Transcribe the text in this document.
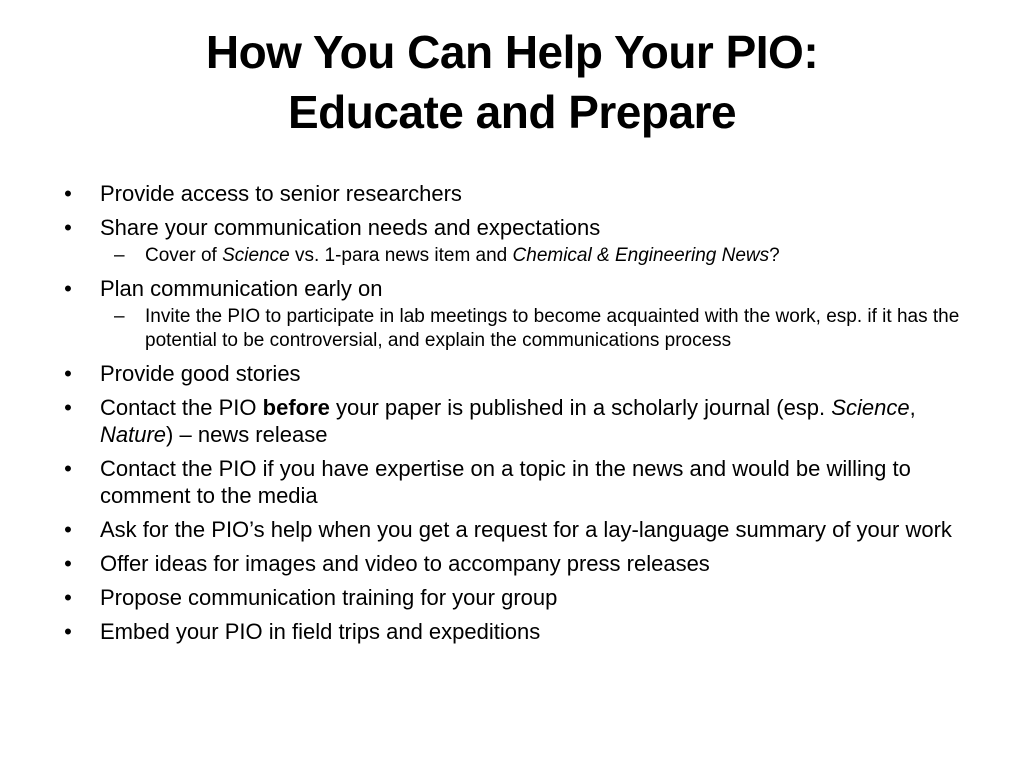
How You Can Help Your PIO:
Educate and Prepare
• Provide access to senior researchers
• Share your communication needs and expectations
– Cover of Science vs. 1-para news item and Chemical & Engineering News?
• Plan communication early on
– Invite the PIO to participate in lab meetings to become acquainted with the work, esp. if it has the potential to be controversial, and explain the communications process
• Provide good stories
• Contact the PIO before your paper is published in a scholarly journal (esp. Science, Nature) – news release
• Contact the PIO if you have expertise on a topic in the news and would be willing to comment to the media
• Ask for the PIO’s help when you get a request for a lay-language summary of your work
• Offer ideas for images and video to accompany press releases
• Propose communication training for your group
• Embed your PIO in field trips and expeditions
